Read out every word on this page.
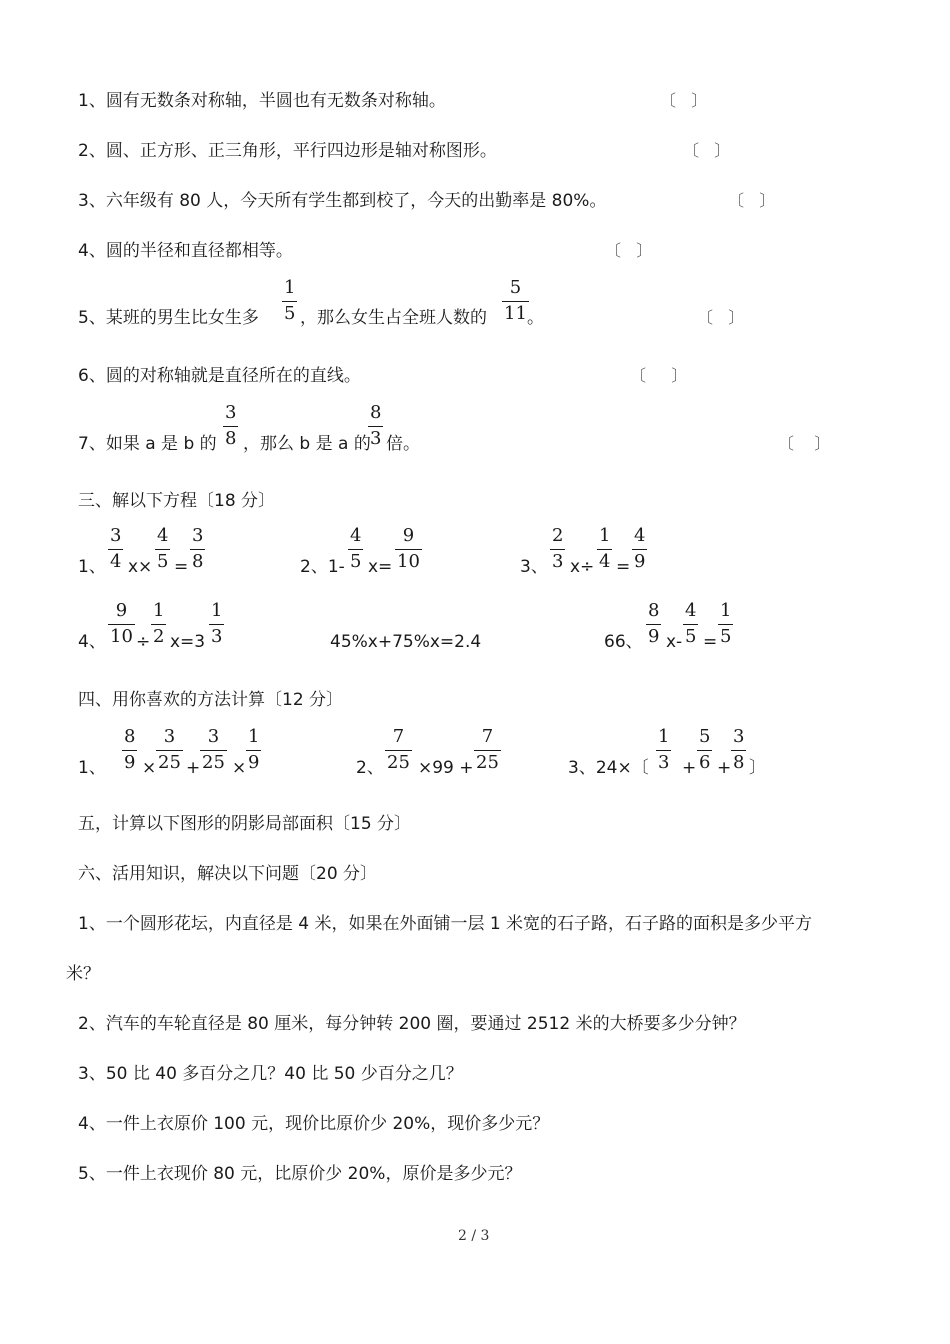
1、圆有无数条对称轴，半圆也有无数条对称轴。	〔   〕
2、圆、正方形、正三角形，平行四边形是轴对称图形。	〔   〕
3、六年级有 80 人，今天所有学生都到校了，今天的出勤率是 80%。	〔   〕
4、圆的半径和直径都相等。	〔   〕
5、某班的男生比女生多
1
5 ，那么女生占全班人数的
5
11 。	〔   〕
6、圆的对称轴就是直径所在的直线。	〔     〕
7、如果 a 是 b 的
3
8 ，那么 b 是 a 的
8
3 倍。	〔    〕
三、解以下方程〔18 分〕
1、
3
4 x×
4
5 =
3
8	2、1-
4
5 x=
9
10	3、
2
3 x÷
1
4 =
4
9
4、
9
10 ÷
1
2 x=3
1
3	45%x+75%x=2.4	66、
8
9 x-
4
5 =
1
5
四、用你喜欢的方法计算〔12 分〕
1、
8
9 ×
3
25 +
3
25 ×
1
9	2、
7
25 ×99 +
7
25	3、24×〔
1
3 +
5
6 +
3
8 〕
五，计算以下图形的阴影局部面积〔15 分〕
六、活用知识，解决以下问题〔20 分〕
1、一个圆形花坛，内直径是 4 米，如果在外面铺一层 1 米宽的石子路，石子路的面积是多少平方
米？
2、汽车的车轮直径是 80 厘米，每分钟转 200 圈，要通过 2512 米的大桥要多少分钟？
3、50 比 40 多百分之几？40 比 50 少百分之几？
4、一件上衣原价 100 元，现价比原价少 20%，现价多少元？
5、一件上衣现价 80 元，比原价少 20%，原价是多少元？
2 / 3
